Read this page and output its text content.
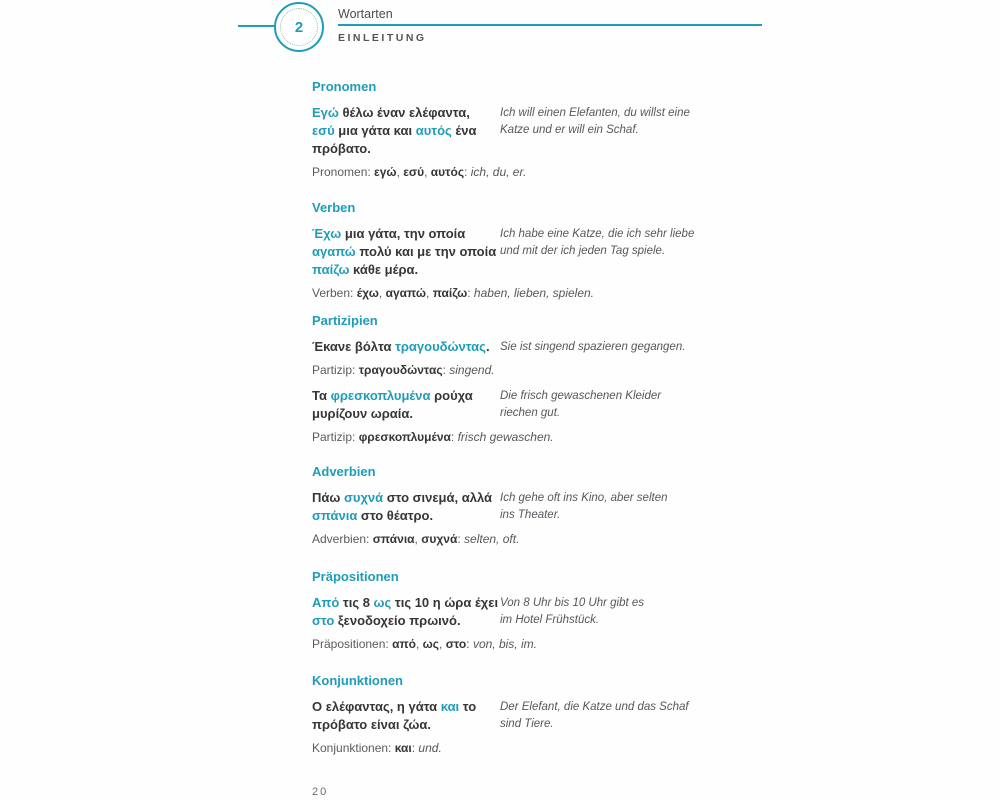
2
Wortarten
EINLEITUNG
Pronomen
Εγώ θέλω έναν ελέφαντα,
εσύ μια γάτα και αυτός ένα
πρόβατο.
Ich will einen Elefanten, du willst eine
Katze und er will ein Schaf.
Pronomen: εγώ, εσύ, αυτός: ich, du, er.
Verben
Έχω μια γάτα, την οποία
αγαπώ πολύ και με την οποία
παίζω κάθε μέρα.
Ich habe eine Katze, die ich sehr liebe
und mit der ich jeden Tag spiele.
Verben: έχω, αγαπώ, παίζω: haben, lieben, spielen.
Partizipien
Έκανε βόλτα τραγουδώντας. Sie ist singend spazieren gegangen.
Partizip: τραγουδώντας: singend.
Τα φρεσκοπλυμένα ρούχα
μυρίζουν ωραία.
Die frisch gewaschenen Kleider
riechen gut.
Partizip: φρεσκοπλυμένα: frisch gewaschen.
Adverbien
Πάω συχνά στο σινεμά, αλλά
σπάνια στο θέατρο.
Ich gehe oft ins Kino, aber selten
ins Theater.
Adverbien: σπάνια, συχνά: selten, oft.
Präpositionen
Από τις 8 ως τις 10 η ώρα έχει
στο ξενοδοχείο πρωινό.
Von 8 Uhr bis 10 Uhr gibt es
im Hotel Frühstück.
Präpositionen: από, ως, στο: von, bis, im.
Konjunktionen
Ο ελέφαντας, η γάτα και το
πρόβατο είναι ζώα.
Der Elefant, die Katze und das Schaf
sind Tiere.
Konjunktionen: και: und.
20
